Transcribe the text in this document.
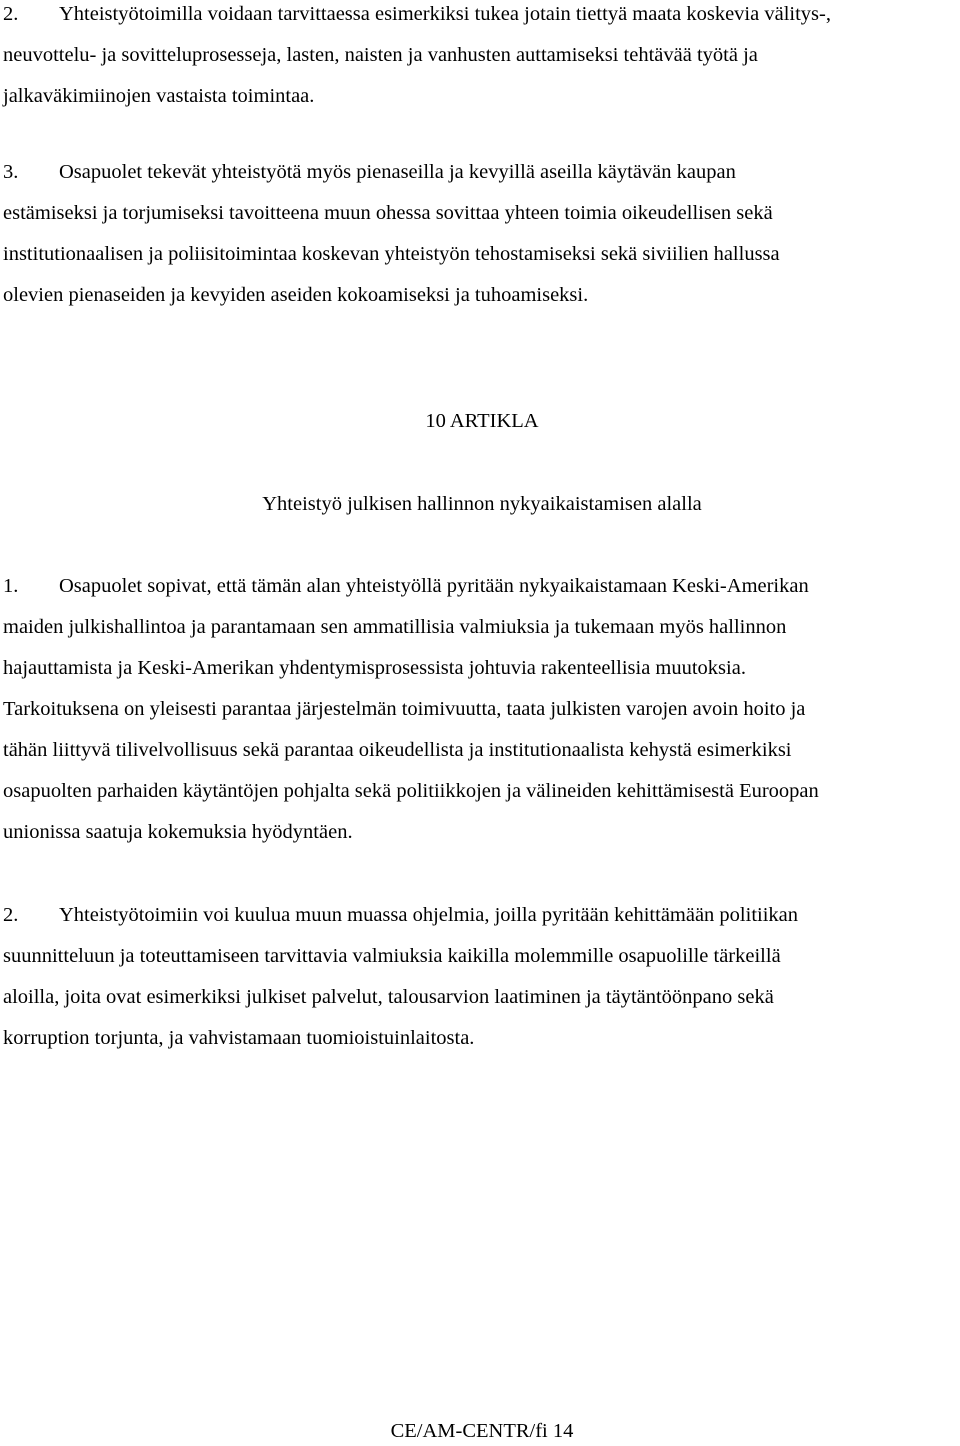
2. Yhteistyötoimilla voidaan tarvittaessa esimerkiksi tukea jotain tiettyä maata koskevia välitys-,
neuvottelu- ja sovitteluprosesseja, lasten, naisten ja vanhusten auttamiseksi tehtävää työtä ja
jalkaväkimiinojen vastaista toimintaa.
3. Osapuolet tekevät yhteistyötä myös pienaseilla ja kevyillä aseilla käytävän kaupan
estämiseksi ja torjumiseksi tavoitteena muun ohessa sovittaa yhteen toimia oikeudellisen sekä
institutionaalisen ja poliisitoimintaa koskevan yhteistyön tehostamiseksi sekä siviilien hallussa
olevien pienaseiden ja kevyiden aseiden kokoamiseksi ja tuhoamiseksi.

10 ARTIKLA

Yhteistyö julkisen hallinnon nykyaikaistamisen alalla

1. Osapuolet sopivat, että tämän alan yhteistyöllä pyritään nykyaikaistamaan Keski-Amerikan
maiden julkishallintoa ja parantamaan sen ammatillisia valmiuksia ja tukemaan myös hallinnon
hajauttamista ja Keski-Amerikan yhdentymisprosessista johtuvia rakenteellisia muutoksia.
Tarkoituksena on yleisesti parantaa järjestelmän toimivuutta, taata julkisten varojen avoin hoito ja
tähän liittyvä tilivelvollisuus sekä parantaa oikeudellista ja institutionaalista kehystä esimerkiksi
osapuolten parhaiden käytäntöjen pohjalta sekä politiikkojen ja välineiden kehittämisestä Euroopan
unionissa saatuja kokemuksia hyödyntäen.
2. Yhteistyötoimiin voi kuulua muun muassa ohjelmia, joilla pyritään kehittämään politiikan
suunnitteluun ja toteuttamiseen tarvittavia valmiuksia kaikilla molemmille osapuolille tärkeillä
aloilla, joita ovat esimerkiksi julkiset palvelut, talousarvion laatiminen ja täytäntöönpano sekä
korruption torjunta, ja vahvistamaan tuomioistuinlaitosta.

CE/AM-CENTR/fi 14
